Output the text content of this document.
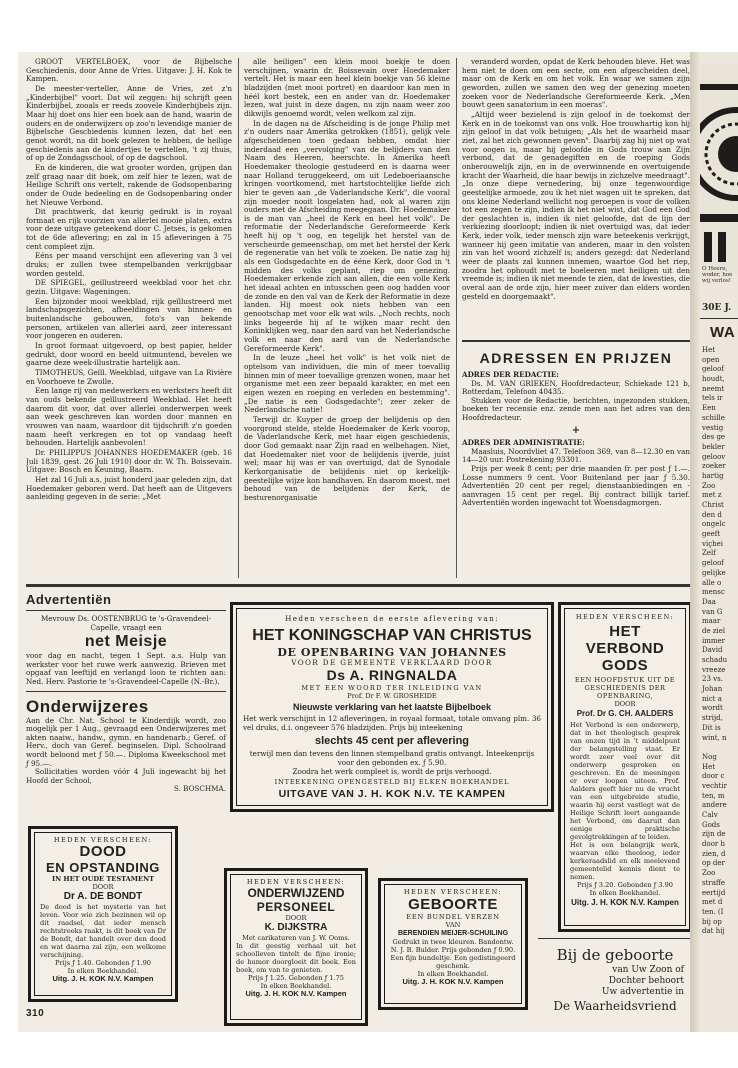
GROOT VERTELBOEK, voor de Bijbelsche Geschiedenis, door Anne de Vries. Uitgave: J. H. Kok te Kampen.

De meester-verteller, Anne de Vries, zet z'n „Kinderbijbel" voort. Dat wil zeggen: hij schrijft geen Kinderbijbel, zooals er reeds zoovele Kinderbijbels zijn. Maar hij doet ons hier een boek aan de hand, waarin de ouders en de onderwijzers op zoo'n levendige manier de Bijbelsche Geschiedenis kunnen lezen, dat het een genot wordt, na dit boek gelezen te hebben, de heilige geschiedenis aan de kindertjes te vertellen, 't zij thuis, of op de Zondagsschool, of op de dagschool.

En de kinderen, die wat grooter worden, grijpen dan zelf graag naar dit boek, om zelf hier te lezen, wat de Heilige Schrift ons vertelt, rakende de Godsopenbaring onder de Oude bedeeling en de Godsopenbaring onder het Nieuwe Verbond.

Dit prachtwerk, dat keurig gedrukt is in royaal formaat en rijk voorzien van allerlei mooie platen, extra voor deze uitgave geteekend door C. Jetses, is gekomen tot de 6de aflevering; en zal in 15 afleveringen à 75 cent compleet zijn.

Eéns per maand verschijnt een aflevering van 3 vel druks; er zullen twee stempelbanden verkrijgbaar worden gesteld.

DE SPIEGEL, geillustreerd weekblad voor het chr. gezin. Uitgave: Wageningen.

Een bijzonder mooi weekblad, rijk geïllustreerd met landschapsgezichten, afbeeldingen van binnen- en buitenlandsche gebouwen, foto's van bekende personen, artikelen van allerlei aard, zeer interessant voor jongeren en ouderen.

In groot formaat uitgevoerd, op best papier, helder gedrukt, door woord en beeld uitmuntend, bevelen we gaarne deze week-illustratie hartelijk aan.

TIMOTHEUS, Geïll. Weekblad, uitgave van La Rivière en Voorhoeve te Zwolle.

Een lange rij van medewerkers en werksters heeft dit van ouds bekende geïllustreerd Weekblad. Het heeft daarom dit voor, dat over allerlei onderwerpen week aan week geschreven kan worden door mannen en vrouwen van naam, waardoor dit tijdschrift z'n goeden naam heeft verkregen en tot op vandaag heeft behouden. Hartelijk aanbevolen!

Dr. PHILIPPUS JOHANNES HOEDEMAKER (geb. 16 Juli 1839, gest. 26 Juli 1910) door dr. W. Th. Boissevain. Uitgave: Bosch en Keuning, Baarn.

Het zal 16 Juli a.s. juist honderd jaar geleden zijn, dat Hoedemaker geboren werd. Dat heeft aan de Uitgevers aanleiding gegeven in de serie: „Met

alle heiligen" een klein mooi boekje te doen verschijnen, waarin dr. Boissevain over Hoedemaker vertelt. Het is maar een heel klein boekje van 56 kleine bladzijden (met mooi portret) en daardoor kan men in héél kort bestek, een en ander van dr. Hoedemaker lezen, wat juist in deze dagen, nu zijn naam weer zoo dikwijls genoemd wordt, velen welkom zal zijn.

In de dagen na de Afscheiding is de jonge Philip met z'n ouders naar Amerika getrokken (1851), gelijk vele afgescheidenen toen gedaan hebben, omdat hier inderdaad een „vervolging" van de belijders van den Naam des Heeren, heerschte. In Amerika heeft Hoedemaker theologie gestudeerd en is daarna weer naar Holland teruggekeerd, om uit Ledeboeriaansche kringen voortkomend, met hartstochtelijke liefde zich hier te geven aan „de Vaderlandsche Kerk", die vooral zijn moeder nooit losgelaten had, ook al waren zijn ouders met de Afscheiding meegegaan. Dr. Hoedemaker is de man van „heel de Kerk en heel het volk". De reformatie der Nederlandsche Gereformeerde Kerk heeft hij op 't oog, en tegelijk het herstel van de verscheurde gemeenschap, om met het herstel der Kerk de regeneratie van het volk te zoeken. De natie zag hij als een Godsgedachte en de ééne Kerk, door God in 't midden des volks geplant, riep om genezing. Hoedemaker erkende zich aan allen, die een volle Kerk het ideaal achten en intusschen geen oog hadden voor de zonde en den val van de Kerk der Reformatie in deze landen. Hij moest ook niets hebben van een genootschap met voor elk wat wils. „Noch rechts, noch links begeerde hij af te wijken maar recht den Koninklijken weg, naar den aard van het Nederlandsche volk en naar den aard van de Nederlandsche Gereformeerde Kerk".

In de leuze „heel het volk" is het volk niet de optelsom van individuen, die min of meer toevallig binnen min of meer toevallige grenzen wonen, maar het organisme met een zeer bepaald karakter, en met een eigen wezen en roeping en verleden en bestemming". „De natie is een Godsgedachte"; zeer zeker de Nederlandsche natie!

Terwijl dr. Kuyper de groep der belijdenis op den voorgrond stelde, stelde Hoedemaker de Kerk voorop, de Vaderlandsche Kerk, met haar eigen geschiedenis, door God gemaakt naar Zijn raad en welbehagen. Niet, dat Hoedemaker niet voor de belijdenis ijverde, juist wel; maar hij was er van overtuigd, dat de Synodale Kerkorganisatie de belijdenis niet op kerkelijk-geestelijke wijze kon handhaven. En daarom moest, met behoud van de belijdenis der Kerk, de besturenorganisatie

veranderd worden, opdat de Kerk behouden bleve. Het was hem niet te doen om een secte, om een afgescheiden deel, maar om de Kerk en om het volk. En waar we samen zijn geworden, zullen we samen den weg der genezing moeten zoeken voor de Nederlandsche Gereformeerde Kerk. „Men bouwt geen sanatorium in een moeras".

„Altijd weer bezielend is zijn geloof in de toekomst der Kerk en in de toekomst van ons volk. Hoe trouwhartig kon hij zijn geloof in dat volk betuigen; „Als het de waarheid maar ziet, zal het zich gewonnen geven". Daarbij zag hij niet op wat voor oogen is, maar hij geloofde in Gods trouw aan Zijn verbond, dat de genadegiften en de roeping Gods onberouwelijk zijn, en in de overwinnende en overtuigende kracht der Waarheid, die haar bewijs in zichzelve meedraagt". „In onze diepe vernedering, bij onze tegenwoordige geestelijke armoede, zou ik het niet wagen uit te spreken, dat ons kleine Nederland wellicht nog geroepen is voor de volken tot een zegen te zijn, indien ik het niet wist, dat God een God der geslachten is, indien ik niet geloofde, dat de lijn der verkiezing doorloopt; indien ik niet overtuigd was, dat ieder Kerk, ieder volk, ieder mensch zijn ware beteekenis verkrijgt, wanneer hij geen imitatie van anderen, maar in den volsten zin van het woord zichzelf is; anders gezegd: dat Nederland weer de plaats zal kunnen innemen, waartoe God het riep, zoodra het ophoudt met te boeleeren met heiligen uit den vreemde is; indien ik niet meende te zien, dat de kwesties, die overal aan de orde zijn, hier meer zuiver dan elders worden gesteld en doorgemaakt".

ADRESSEN EN PRIJZEN
ADRES DER REDACTIE:

Ds. M. VAN GRIEKEN, Hoofdredacteur, Schiekade 121 b, Rotterdam, Telefoon 40435.

Stukken voor de Redactie, berichten, ingezonden stukken, boeken ter recensie enz. zende men aan het adres van den Hoofdredacteur.

+
ADRES DER ADMINISTRATIE:

Maasluis, Noordvliet 47. Telefoon 369, van 8—12.30 en van 14—20 uur. Postrekening 93301.

Prijs per week 8 cent; per drie maanden fr. per post ƒ 1.—. Losse nummers 9 cent. Voor Buitenland per jaar ƒ 5.30. Advertentiën 20 cent per regel; dienstaanbiedingen en -aanvragen 15 cent per regel. Bij contract billijk tarief. Advertentiën worden ingewacht tot Woensdagmorgen.

Advertentiën

Mevrouw Ds. OOSTENBRUG te 's-Gravendeel-Capelle, vraagt een

net Meisje

voor dag en nacht, tegen 1 Sept. a.s. Hulp van werkster voor het ruwe werk aanwezig. Brieven met opgaaf van leeftijd en verlangd loon te richten aan: Ned. Herv. Pastorie te 's-Gravendeel-Capelle (N.-Br.).

Onderwijzeres

Aan de Chr. Nat. School te Kinderdijk wordt, zoo mogelijk per 1 Aug., gevraagd een Onderwijzeres met akten naaiw., handw., gymn. en handenarb.; Geref. of Herv., doch van Geref. beginselen. Dipl. Schoolraad wordt beloond met ƒ 50.—. Diploma Kweekschool met ƒ 95.—.

Sollicitaties worden vóór 4 Juli ingewacht bij het Hoofd der School,

S. BOSCHMA.
Heden verscheen de eerste aflevering van:
HET KONINGSCHAP VAN CHRISTUS
DE OPENBARING VAN JOHANNES
VOOR DE GEMEENTE VERKLAARD DOOR
Ds A. RINGNALDA
MET EEN WOORD TER INLEIDING VAN
Prof. Dr F. W. GROSHEIDE
Nieuwste verklaring van het laatste Bijbelboek
Het werk verschijnt in 12 afleveringen, in royaal formaat, totale omvang plm. 36 vel druks, d.i. ongeveer 576 bladzijden. Prijs bij inteekening
slechts 45 cent per aflevering
terwijl men dan tevens den linnen stempelband gratis ontvangt. Inteekenprijs voor den gebonden ex. ƒ 5.90.
Zoodra het werk compleet is, wordt de prijs verhoogd.
INTEEKENING OPENGESTELD BIJ ELKEN BOEKHANDEL
UITGAVE VAN J. H. KOK N.V. TE KAMPEN
HEDEN VERSCHEEN:
HET VERBOND GODS
EEN HOOFDSTUK UIT DE GESCHIEDENIS DER OPENBARING,
DOOR
Prof. Dr G. CH. AALDERS
Het Verbond is een onderwerp, dat in het theologisch gesprek van onzen tijd in 't middelpunt der belangstelling staat. Er wordt zeer veel over dit onderwerp gesproken en geschreven. En de meeningen er over loopen uiteen. Prof. Aalders geeft hier nu de vrucht van een uitgebreide studie, waarin hij eerst vastlegt wat de Heilige Schrift leert aangaande het Verbond, om daaruit dan eenige praktische gevolgtrekkingen af te leiden.
Het is een belangrijk werk, waarvan elke theoloog, ieder kerkeraadslid en elk meelevend gemeentelid kennis dient te nemen.
Prijs ƒ 3.20. Gebonden ƒ 3.90
In elken Boekhandel.
Uitg. J. H. KOK N.V. Kampen
HEDEN VERSCHEEN:
DOOD
EN OPSTANDING
IN HET OUDE TESTAMENT
DOOR
Dr A. DE BONDT
De dood is het mysterie van het leven. Voor wie zich bezinnen wil op dit raadsel, dat ieder mensch rechtstreeks raakt, is dit boek van Dr de Bondt, dat handelt over den dood en wat daarna zal zijn, een welkome verschijning.
Prijs ƒ 1.40. Gebonden ƒ 1.90
In elken Boekhandel.
Uitg. J. H. KOK N.V. Kampen
HEDEN VERSCHEEN:
ONDERWIJZEND
PERSONEEL
DOOR
K. DIJKSTRA
Met carikaturen van J. W. Ooms.
In dit geestig verhaal uit het schoolleven tintelt de fijne ironie; de humor doorgloeit dit boek. Een boek, om van te genieten.
Prijs ƒ 1.25. Gebonden ƒ 1.75
In elken Boekhandel.
Uitg. J. H. KOK N.V. Kampen
HEDEN VERSCHEEN:
GEBOORTE
EEN BUNDEL VERZEN
VAN
BERENDIEN MEIJER-SCHUILING
Gedrukt in twee kleuren. Bandontw. N. J. B. Bulder. Prijs gebonden ƒ 0.90.
Een fijn bundeltje. Een gedistingeerd geschenk.
In elken Boekhandel.
Uitg. J. H. KOK N.V. Kampen
Bij de geboorte
van Uw Zoon of
Dochter behoort
Uw advertentie in
De Waarheidsvriend
310
O Heere,
woder, hoe
wij verlos!
30E J.
WA
Het
open
geloof
houdt,
neemt
tels ir
Een
schille
vestig
des ge
bekler
geloov
zoeker
hartig
Zoo
met z
Christ
den d
ongelc
geeft
viçhei
Zelf
geloof
gelijke
alle o
mensc
Daa
van G
maar
de ziel
immer
David
schadu
vreeze
23 vs.
Johan
nict a
wordt
strijd,
Dit is
wint, n
Nog
Het
door c
vechtir
ten, m
andere
Calv
Gods
zijn de
door h
zien, d
op der
Zoo
straffe
eertijd
met d
ten. (I
bij op
dat hij
